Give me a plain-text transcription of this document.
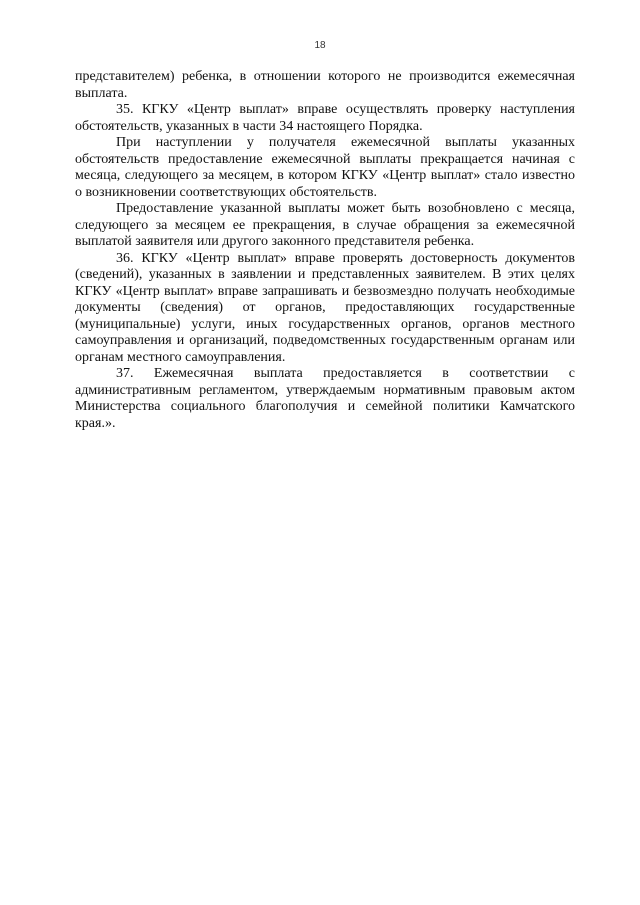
18

представителем) ребенка, в отношении которого не производится ежемесячная выплата.

35. КГКУ «Центр выплат» вправе осуществлять проверку наступления обстоятельств, указанных в части 34 настоящего Порядка.

При наступлении у получателя ежемесячной выплаты указанных обстоятельств предоставление ежемесячной выплаты прекращается начиная с месяца, следующего за месяцем, в котором КГКУ «Центр выплат» стало известно о возникновении соответствующих обстоятельств.

Предоставление указанной выплаты может быть возобновлено с месяца, следующего за месяцем ее прекращения, в случае обращения за ежемесячной выплатой заявителя или другого законного представителя ребенка.

36. КГКУ «Центр выплат» вправе проверять достоверность документов (сведений), указанных в заявлении и представленных заявителем. В этих целях КГКУ «Центр выплат» вправе запрашивать и безвозмездно получать необходимые документы (сведения) от органов, предоставляющих государственные (муниципальные) услуги, иных государственных органов, органов местного самоуправления и организаций, подведомственных государственным органам или органам местного самоуправления.

37. Ежемесячная выплата предоставляется в соответствии с административным регламентом, утверждаемым нормативным правовым актом Министерства социального благополучия и семейной политики Камчатского края.».
